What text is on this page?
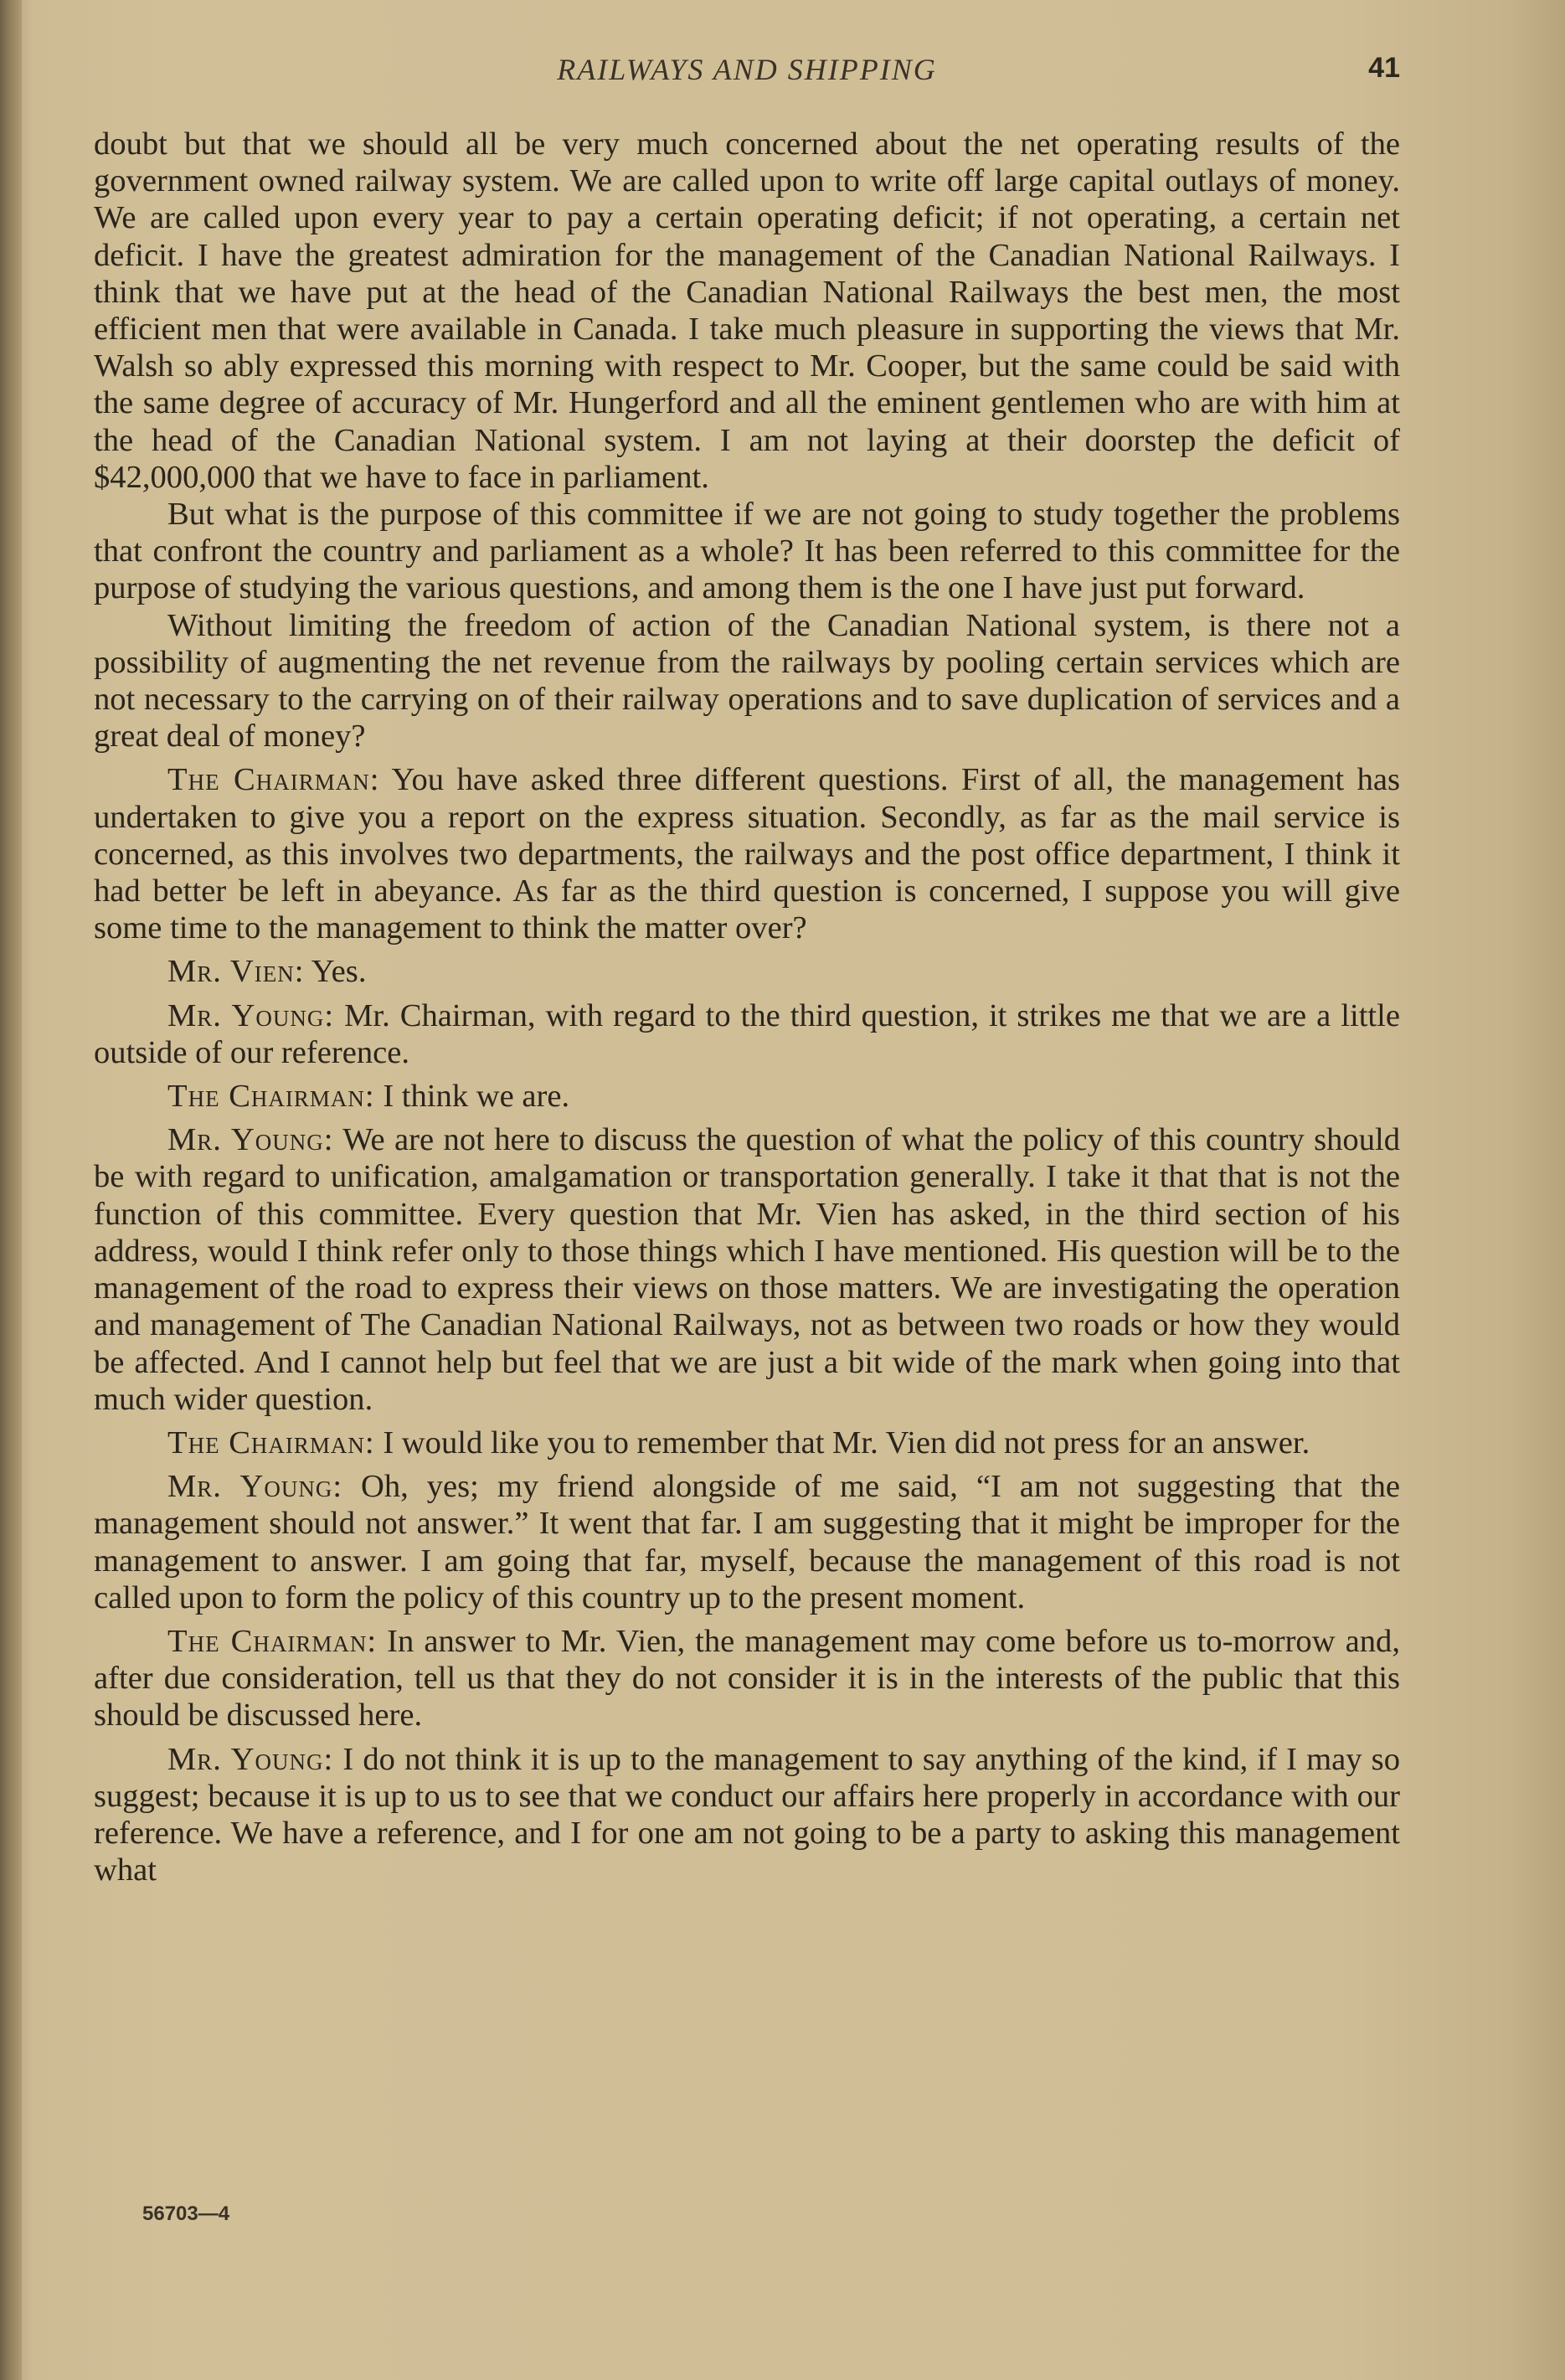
RAILWAYS AND SHIPPING	41

doubt but that we should all be very much concerned about the net operating results of the government owned railway system. We are called upon to write off large capital outlays of money. We are called upon every year to pay a certain operating deficit; if not operating, a certain net deficit. I have the greatest admiration for the management of the Canadian National Railways. I think that we have put at the head of the Canadian National Railways the best men, the most efficient men that were available in Canada. I take much pleasure in supporting the views that Mr. Walsh so ably expressed this morning with respect to Mr. Cooper, but the same could be said with the same degree of accuracy of Mr. Hungerford and all the eminent gentlemen who are with him at the head of the Canadian National system. I am not laying at their doorstep the deficit of $42,000,000 that we have to face in parliament.

But what is the purpose of this committee if we are not going to study together the problems that confront the country and parliament as a whole? It has been referred to this committee for the purpose of studying the various questions, and among them is the one I have just put forward.

Without limiting the freedom of action of the Canadian National system, is there not a possibility of augmenting the net revenue from the railways by pooling certain services which are not necessary to the carrying on of their railway operations and to save duplication of services and a great deal of money?

The Chairman: You have asked three different questions. First of all, the management has undertaken to give you a report on the express situation. Secondly, as far as the mail service is concerned, as this involves two departments, the railways and the post office department, I think it had better be left in abeyance. As far as the third question is concerned, I suppose you will give some time to the management to think the matter over?

Mr. Vien: Yes.

Mr. Young: Mr. Chairman, with regard to the third question, it strikes me that we are a little outside of our reference.

The Chairman: I think we are.

Mr. Young: We are not here to discuss the question of what the policy of this country should be with regard to unification, amalgamation or transportation generally. I take it that that is not the function of this committee. Every question that Mr. Vien has asked, in the third section of his address, would I think refer only to those things which I have mentioned. His question will be to the management of the road to express their views on those matters. We are investigating the operation and management of The Canadian National Railways, not as between two roads or how they would be affected. And I cannot help but feel that we are just a bit wide of the mark when going into that much wider question.

The Chairman: I would like you to remember that Mr. Vien did not press for an answer.

Mr. Young: Oh, yes; my friend alongside of me said, “I am not suggesting that the management should not answer.” It went that far. I am suggesting that it might be improper for the management to answer. I am going that far, myself, because the management of this road is not called upon to form the policy of this country up to the present moment.

The Chairman: In answer to Mr. Vien, the management may come before us to-morrow and, after due consideration, tell us that they do not consider it is in the interests of the public that this should be discussed here.

Mr. Young: I do not think it is up to the management to say anything of the kind, if I may so suggest; because it is up to us to see that we conduct our affairs here properly in accordance with our reference. We have a reference, and I for one am not going to be a party to asking this management what

56703—4
